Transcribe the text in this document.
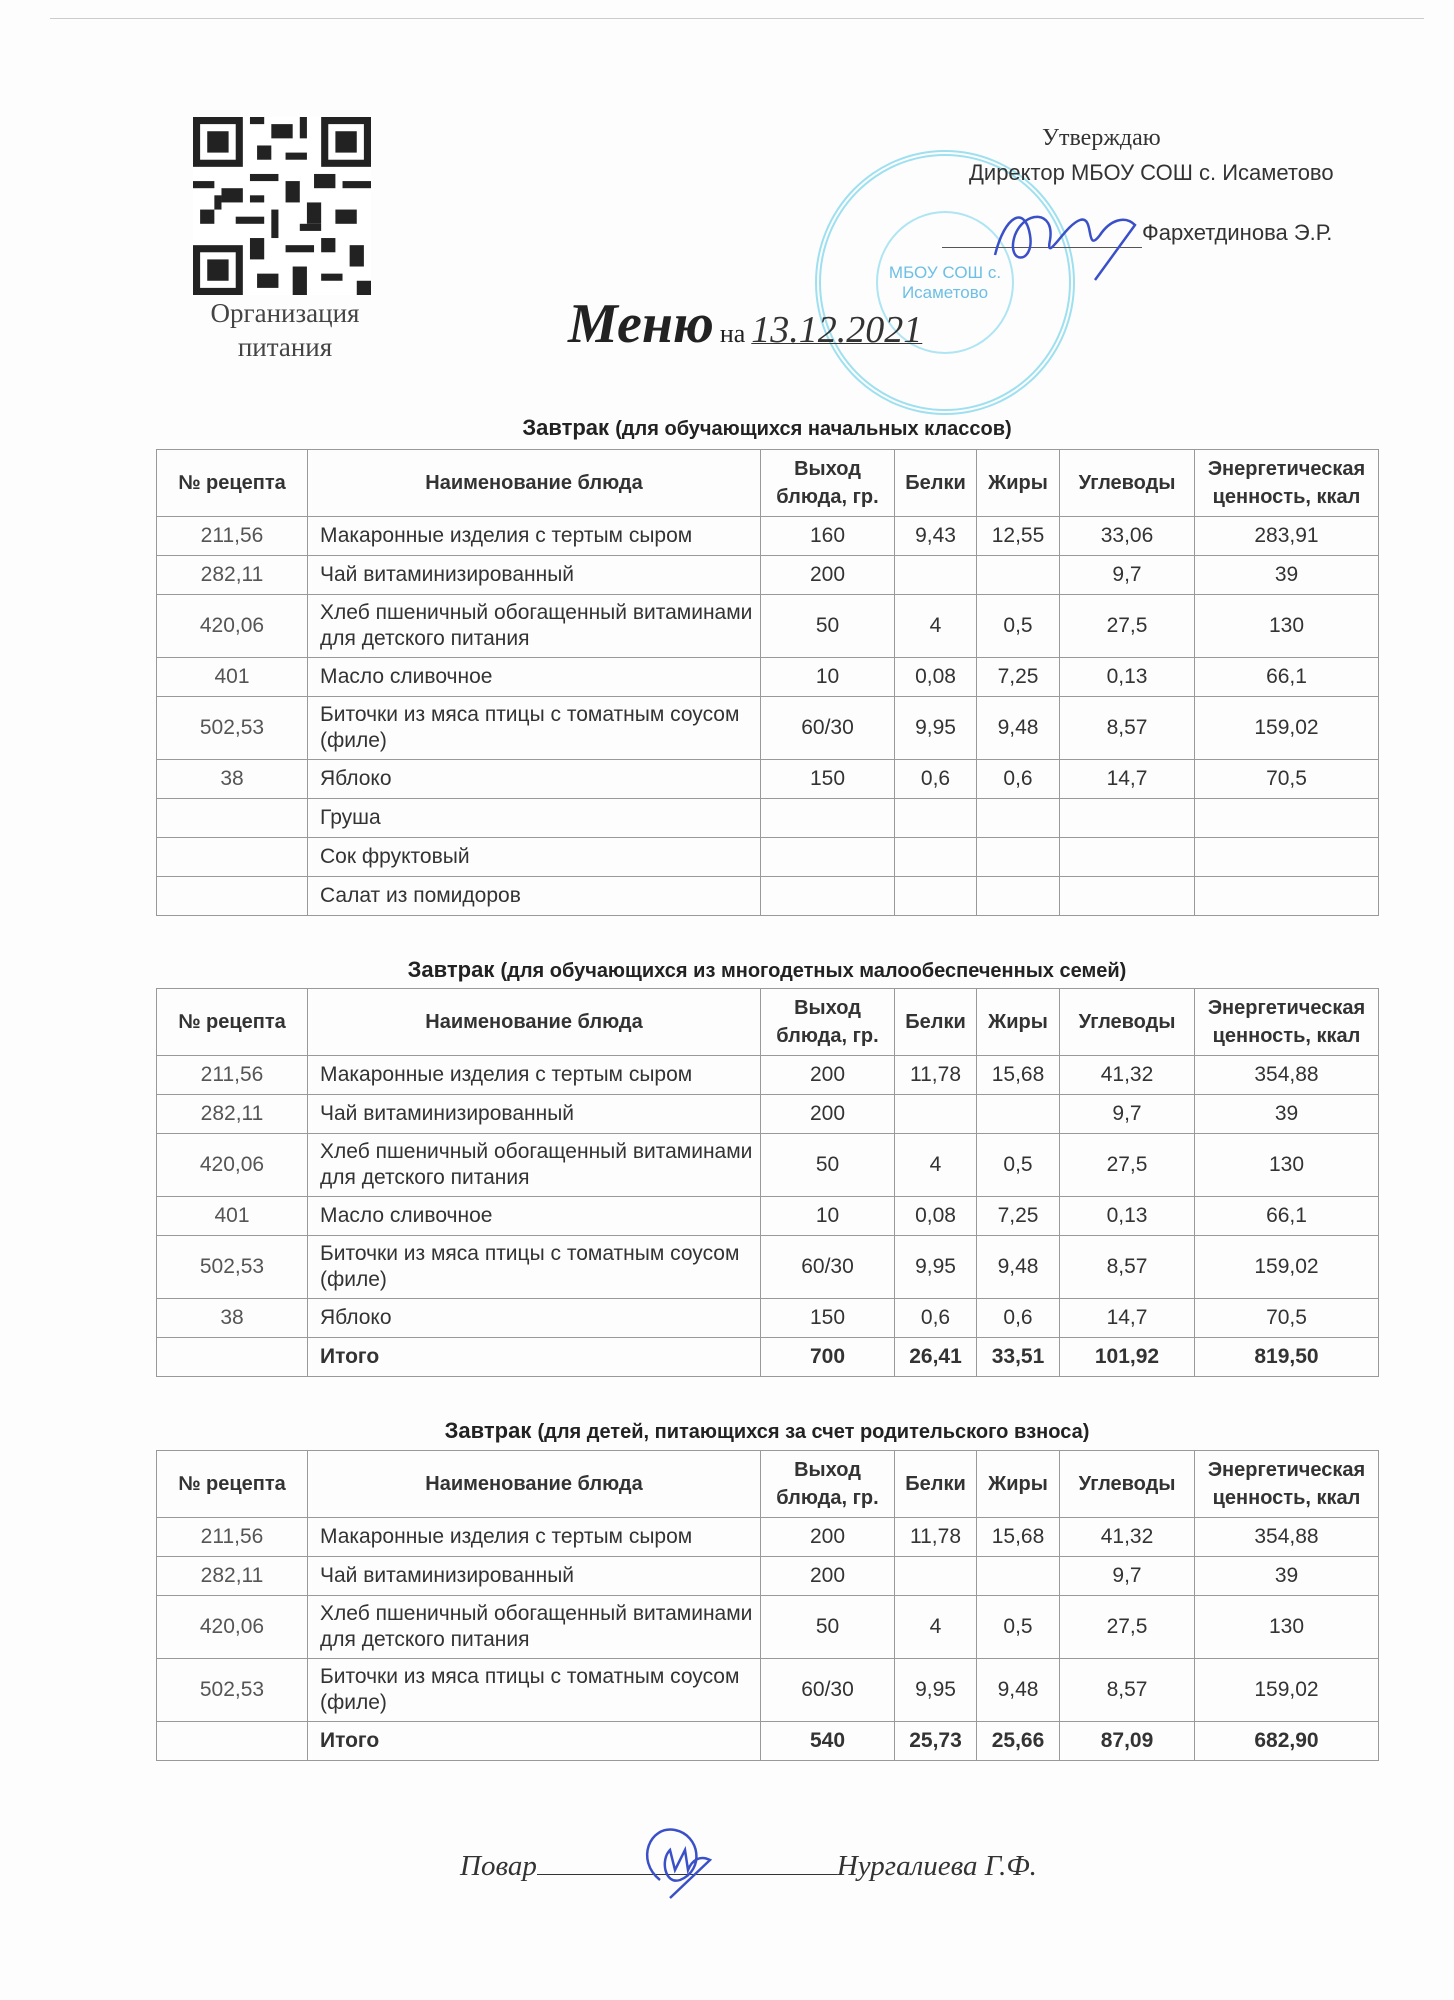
Организация питания
МБОУ СОШ с. Исаметово
Утверждаю
Директор МБОУ СОШ с. Исаметово
Фархетдинова Э.Р.
Меню на 13.12.2021
Завтрак (для обучающихся начальных классов)
№ рецепта	Наименование блюда	Выход блюда, гр.	Белки	Жиры	Углеводы	Энергетическая ценность, ккал
211,56	Макаронные изделия с тертым сыром	160	9,43	12,55	33,06	283,91
282,11	Чай витаминизированный	200			9,7	39
420,06	Хлеб пшеничный обогащенный витаминами для детского питания	50	4	0,5	27,5	130
401	Масло сливочное	10	0,08	7,25	0,13	66,1
502,53	Биточки из мяса птицы с томатным соусом (филе)	60/30	9,95	9,48	8,57	159,02
38	Яблоко	150	0,6	0,6	14,7	70,5
	Груша					
	Сок фруктовый					
	Салат из помидоров					
Завтрак (для обучающихся из многодетных малообеспеченных семей)
№ рецепта	Наименование блюда	Выход блюда, гр.	Белки	Жиры	Углеводы	Энергетическая ценность, ккал
211,56	Макаронные изделия с тертым сыром	200	11,78	15,68	41,32	354,88
282,11	Чай витаминизированный	200			9,7	39
420,06	Хлеб пшеничный обогащенный витаминами для детского питания	50	4	0,5	27,5	130
401	Масло сливочное	10	0,08	7,25	0,13	66,1
502,53	Биточки из мяса птицы с томатным соусом (филе)	60/30	9,95	9,48	8,57	159,02
38	Яблоко	150	0,6	0,6	14,7	70,5
	Итого	700	26,41	33,51	101,92	819,50
Завтрак (для детей, питающихся за счет родительского взноса)
№ рецепта	Наименование блюда	Выход блюда, гр.	Белки	Жиры	Углеводы	Энергетическая ценность, ккал
211,56	Макаронные изделия с тертым сыром	200	11,78	15,68	41,32	354,88
282,11	Чай витаминизированный	200			9,7	39
420,06	Хлеб пшеничный обогащенный витаминами для детского питания	50	4	0,5	27,5	130
502,53	Биточки из мяса птицы с томатным соусом (филе)	60/30	9,95	9,48	8,57	159,02
	Итого	540	25,73	25,66	87,09	682,90
Повар	Нургалиева Г.Ф.
